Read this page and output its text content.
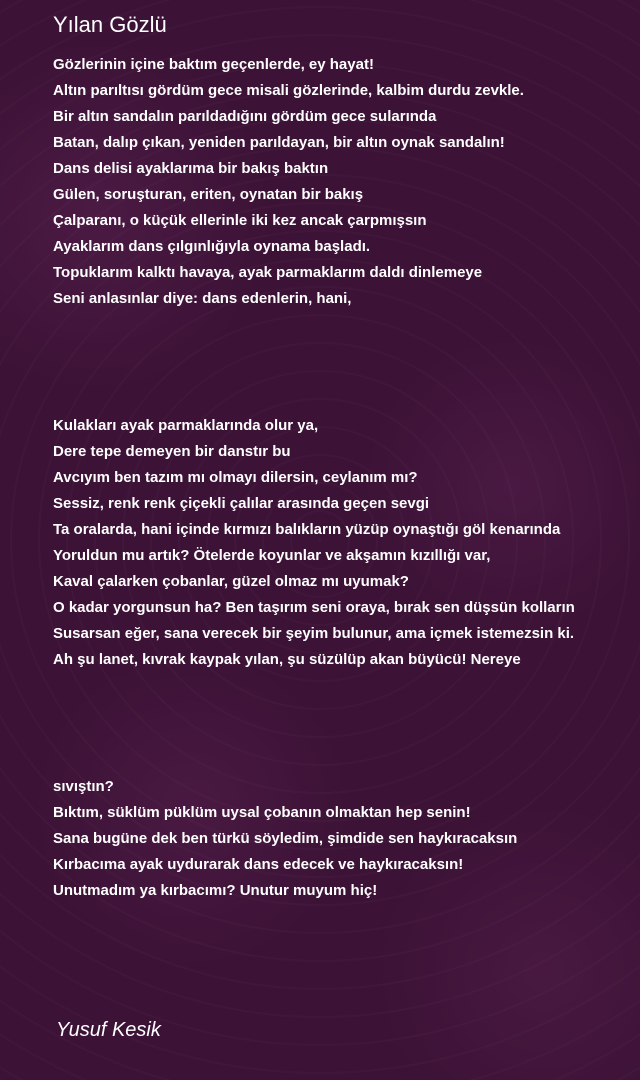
Yılan Gözlü
Gözlerinin içine baktım geçenlerde, ey hayat!
Altın parıltısı gördüm gece misali gözlerinde, kalbim durdu zevkle.
Bir altın sandalın parıldadığını gördüm gece sularında
Batan, dalıp çıkan, yeniden parıldayan, bir altın oynak sandalın!
Dans delisi ayaklarıma bir bakış baktın
Gülen, soruşturan, eriten, oynatan bir bakış
Çalparanı, o küçük ellerinle iki kez ancak çarpmışsın
Ayaklarım dans çılgınlığıyla oynama başladı.
Topuklarım kalktı havaya, ayak parmaklarım daldı dinlemeye
Seni anlasınlar diye: dans edenlerin, hani,
Kulakları ayak parmaklarında olur ya,
Dere tepe demeyen bir danstır bu
Avcıyım ben tazım mı olmayı dilersin, ceylanım mı?
Sessiz, renk renk çiçekli çalılar arasında geçen sevgi
Ta oralarda, hani içinde kırmızı balıkların yüzüp oynaştığı göl kenarında
Yoruldun mu artık? Ötelerde koyunlar ve akşamın kızıllığı var,
Kaval çalarken çobanlar, güzel olmaz mı uyumak?
O kadar yorgunsun ha? Ben taşırım seni oraya, bırak sen düşsün kolların
Susarsan eğer, sana verecek bir şeyim bulunur, ama içmek istemezsin ki.
Ah şu lanet, kıvrak kaypak yılan, şu süzülüp akan büyücü! Nereye
sıvıştın?
Bıktım, süklüm püklüm uysal çobanın olmaktan hep senin!
Sana bugüne dek ben türkü söyledim, şimdide sen haykıracaksın
Kırbacıma ayak uydurarak dans edecek ve haykıracaksın!
Unutmadım ya kırbacımı? Unutur muyum hiç!
Yusuf Kesik
